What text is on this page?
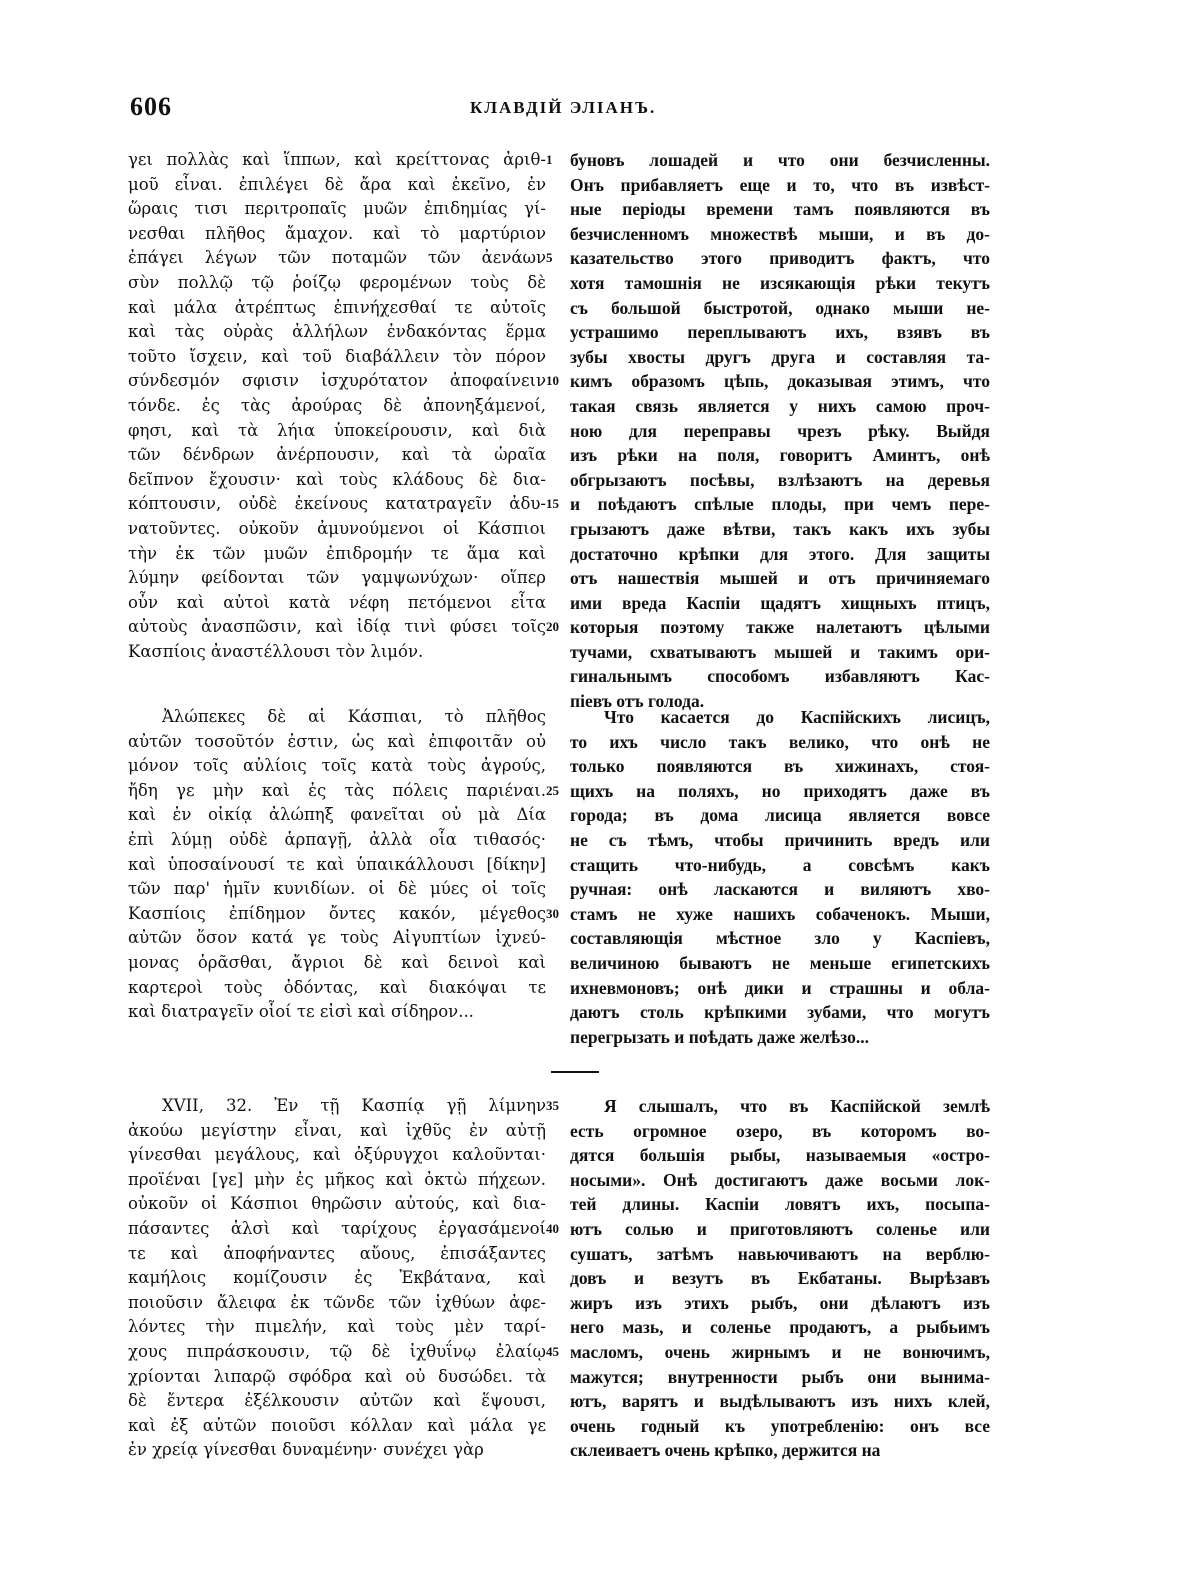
606	КЛАВДІЙ ЭЛІАНЪ.
γει πολλὰς καὶ ἵππων, καὶ κρείττονας ἀριθ-
μοῦ εἶναι. ἐπιλέγει δὲ ἄρα καὶ ἐκεῖνο, ἐν
ὥραις τισι περιτροπαῖς μυῶν ἐπιδημίας γί-
νεσθαι πλῆθος ἄμαχον. καὶ τὸ μαρτύριον
ἐπάγει λέγων τῶν ποταμῶν τῶν ἀενάων
σὺν πολλῷ τῷ ῥοίζῳ φερομένων τοὺς δὲ
καὶ μάλα ἀτρέπτως ἐπινήχεσθαί τε αὐτοῖς
καὶ τὰς οὐρὰς ἀλλήλων ἐνδακόντας ἕρμα
τοῦτο ἴσχειν, καὶ τοῦ διαβάλλειν τὸν πόρον
σύνδεσμόν σφισιν ἰσχυρότατον ἀποφαίνειν
τόνδε. ἐς τὰς ἀρούρας δὲ ἀπονηξάμενοί,
φησι, καὶ τὰ λήια ὑποκείρουσιν, καὶ διὰ
τῶν δένδρων ἀνέρπουσιν, καὶ τὰ ὡραῖα
δεῖπνον ἔχουσιν· καὶ τοὺς κλάδους δὲ δια-
κόπτουσιν, οὐδὲ ἐκείνους κατατραγεῖν ἀδυ-
νατοῦντες. οὐκοῦν ἀμυνούμενοι οἱ Κάσπιοι
τὴν ἐκ τῶν μυῶν ἐπιδρομήν τε ἅμα καὶ
λύμην φείδονται τῶν γαμψωνύχων· οἵπερ
οὖν καὶ αὐτοὶ κατὰ νέφη πετόμενοι εἶτα
αὐτοὺς ἀνασπῶσιν, καὶ ἰδίᾳ τινὶ φύσει τοῖς
Κασπίοις ἀναστέλλουσι τὸν λιμόν.
1
5
10
15
20
буновъ лошадей и что они безчисленны.
Онъ прибавляетъ еще и то, что въ извѣст-
ные періоды времени тамъ появляются въ
безчисленномъ множествѣ мыши, и въ до-
казательство этого приводитъ фактъ, что
хотя тамошнія не изсякающія рѣки текутъ
съ большой быстротой, однако мыши не-
устрашимо переплываютъ ихъ, взявъ въ
зубы хвосты другъ друга и составляя та-
кимъ образомъ цѣпь, доказывая этимъ, что
такая связь является у нихъ самою проч-
ною для переправы чрезъ рѣку. Выйдя
изъ рѣки на поля, говоритъ Аминтъ, онѣ
обгрызаютъ посѣвы, взлѣзаютъ на деревья
и поѣдаютъ спѣлые плоды, при чемъ пере-
грызаютъ даже вѣтви, такъ какъ ихъ зубы
достаточно крѣпки для этого. Для защиты
отъ нашествія мышей и отъ причиняемаго
ими вреда Каспіи щадятъ хищныхъ птицъ,
которыя поэтому также налетаютъ цѣлыми
тучами, схватываютъ мышей и такимъ ори-
гинальнымъ способомъ избавляютъ Кас-
піевъ отъ голода.
Ἀλώπεκες δὲ αἱ Κάσπιαι, τὸ πλῆθος
αὐτῶν τοσοῦτόν ἐστιν, ὡς καὶ ἐπιφοιτᾶν οὐ
μόνον τοῖς αὐλίοις τοῖς κατὰ τοὺς ἀγρούς,
ἤδη γε μὴν καὶ ἐς τὰς πόλεις παριέναι.
καὶ ἐν οἰκίᾳ ἀλώπηξ φανεῖται οὐ μὰ Δία
ἐπὶ λύμῃ οὐδὲ ἁρπαγῇ, ἀλλὰ οἷα τιθασός·
καὶ ὑποσαίνουσί τε καὶ ὑπαικάλλουσι [δίκην]
τῶν παρ' ἡμῖν κυνιδίων. οἱ δὲ μύες οἱ τοῖς
Κασπίοις ἐπίδημον ὄντες κακόν, μέγεθος
αὐτῶν ὅσον κατά γε τοὺς Αἰγυπτίων ἰχνεύ-
μονας ὁρᾶσθαι, ἄγριοι δὲ καὶ δεινοὶ καὶ
καρτεροὶ τοὺς ὀδόντας, καὶ διακόψαι τε
καὶ διατραγεῖν οἷοί τε εἰσὶ καὶ σίδηρον...
25
30
Что касается до Каспійскихъ лисицъ,
то ихъ число такъ велико, что онѣ не
только появляются въ хижинахъ, стоя-
щихъ на поляхъ, но приходятъ даже въ
города; въ дома лисица является вовсе
не съ тѣмъ, чтобы причинить вредъ или
стащить что-нибудь, а совсѣмъ какъ
ручная: онѣ ласкаются и виляютъ хво-
стамъ не хуже нашихъ собаченокъ. Мыши,
составляющія мѣстное зло у Каспіевъ,
величиною бываютъ не меньше египетскихъ
ихневмоновъ; онѣ дики и страшны и обла-
даютъ столь крѣпкими зубами, что могутъ
перегрызать и поѣдать даже желѣзо...
XVII, 32. Ἐν τῇ Κασπίᾳ γῇ λίμνην
ἀκούω μεγίστην εἶναι, καὶ ἰχθῦς ἐν αὐτῇ
γίνεσθαι μεγάλους, καὶ ὀξύρυγχοι καλοῦνται·
προϊέναι [γε] μὴν ἐς μῆκος καὶ ὀκτὼ πήχεων.
οὐκοῦν οἱ Κάσπιοι θηρῶσιν αὐτούς, καὶ δια-
πάσαντες ἁλσὶ καὶ ταρίχους ἐργασάμενοί
τε καὶ ἀποφήναντες αὔους, ἐπισάξαντες
καμήλοις κομίζουσιν ἐς Ἐκβάτανα, καὶ
ποιοῦσιν ἄλειφα ἐκ τῶνδε τῶν ἰχθύων ἀφε-
λόντες τὴν πιμελήν, καὶ τοὺς μὲν ταρί-
χους πιπράσκουσιν, τῷ δὲ ἰχθυΐνῳ ἐλαίῳ
χρίονται λιπαρῷ σφόδρα καὶ οὐ δυσώδει. τὰ
δὲ ἔντερα ἐξέλκουσιν αὐτῶν καὶ ἕψουσι,
καὶ ἐξ αὐτῶν ποιοῦσι κόλλαν καὶ μάλα γε
ἐν χρείᾳ γίνεσθαι δυναμένην· συνέχει γὰρ
35
40
45
Я слышалъ, что въ Каспійской землѣ
есть огромное озеро, въ которомъ во-
дятся большія рыбы, называемыя «остро-
носыми». Онѣ достигаютъ даже восьми лок-
тей длины. Каспіи ловятъ ихъ, посыпа-
ютъ солью и приготовляютъ соленье или
сушатъ, затѣмъ навьючиваютъ на верблю-
довъ и везутъ въ Екбатаны. Вырѣзавъ
жиръ изъ этихъ рыбъ, они дѣлаютъ изъ
него мазь, и соленье продаютъ, а рыбьимъ
масломъ, очень жирнымъ и не вонючимъ,
мажутся; внутренности рыбъ они вынима-
ютъ, варятъ и выдѣлываютъ изъ нихъ клей,
очень годный къ употребленію: онъ все
склеиваетъ очень крѣпко, держится на
